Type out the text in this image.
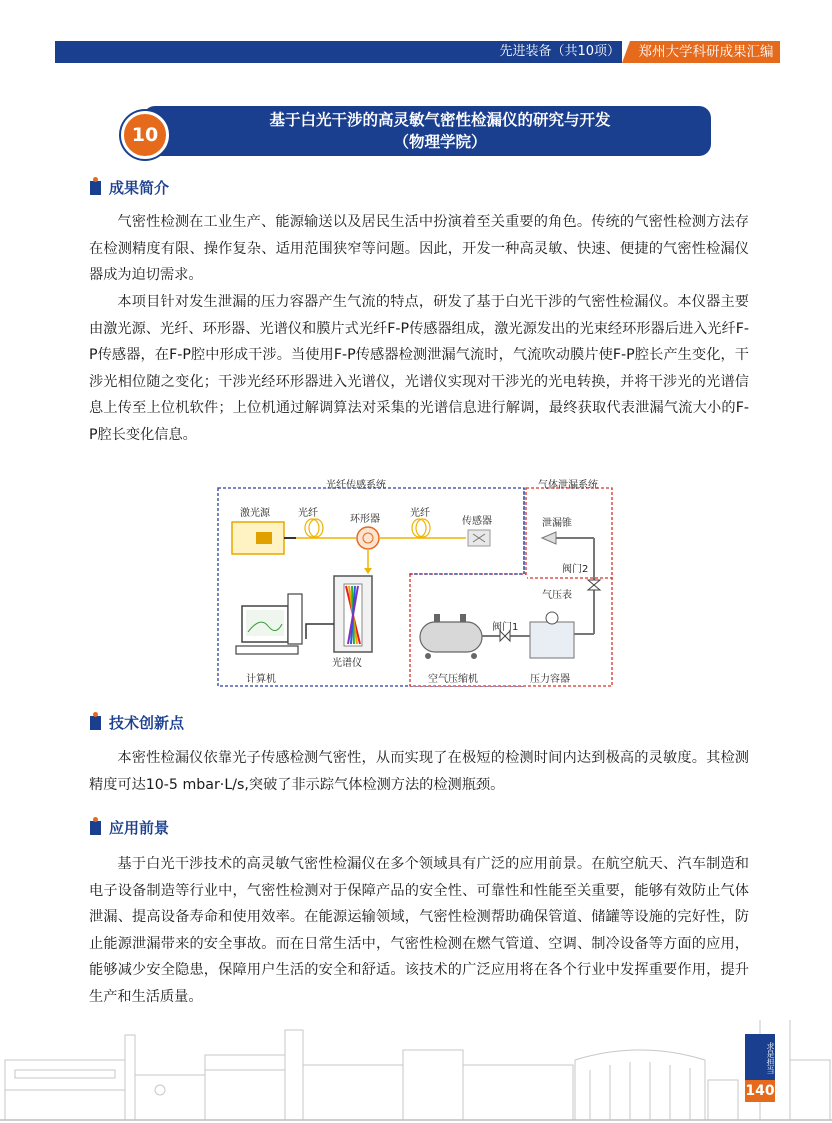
先进装备（共10项）	郑州大学科研成果汇编
10
基于白光干涉的高灵敏气密性检漏仪的研究与开发
（物理学院）
成果简介

气密性检测在工业生产、能源输送以及居民生活中扮演着至关重要的角色。传统的气密性检测方法存在检测精度有限、操作复杂、适用范围狭窄等问题。因此，开发一种高灵敏、快速、便捷的气密性检漏仪器成为迫切需求。

本项目针对发生泄漏的压力容器产生气流的特点，研发了基于白光干涉的气密性检漏仪。本仪器主要由激光源、光纤、环形器、光谱仪和膜片式光纤F-P传感器组成，激光源发出的光束经环形器后进入光纤F-P传感器，在F-P腔中形成干涉。当使用F-P传感器检测泄漏气流时，气流吹动膜片使F-P腔长产生变化，干涉光相位随之变化；干涉光经环形器进入光谱仪，光谱仪实现对干涉光的光电转换，并将干涉光的光谱信息上传至上位机软件；上位机通过解调算法对采集的光谱信息进行解调，最终获取代表泄漏气流大小的F-P腔长变化信息。

光纤传感系统	气体泄漏系统
激光源	光纤
环形器
光纤
传感器
光谱仪
计算机
泄漏锥
阀门2
气压表
阀门1
空气压缩机	压力容器
技术创新点

本密性检漏仪依靠光子传感检测气密性，从而实现了在极短的检测时间内达到极高的灵敏度。其检测精度可达10-5 mbar·L/s,突破了非示踪气体检测方法的检测瓶颈。

应用前景

基于白光干涉技术的高灵敏气密性检漏仪在多个领域具有广泛的应用前景。在航空航天、汽车制造和电子设备制造等行业中，气密性检测对于保障产品的安全性、可靠性和性能至关重要，能够有效防止气体泄漏、提高设备寿命和使用效率。在能源运输领域，气密性检测帮助确保管道、储罐等设施的完好性，防止能源泄漏带来的安全事故。而在日常生活中，气密性检测在燃气管道、空调、制冷设备等方面的应用，能够减少安全隐患，保障用户生活的安全和舒适。该技术的广泛应用将在各个行业中发挥重要作用，提升生产和生活质量。

求是担当
140
